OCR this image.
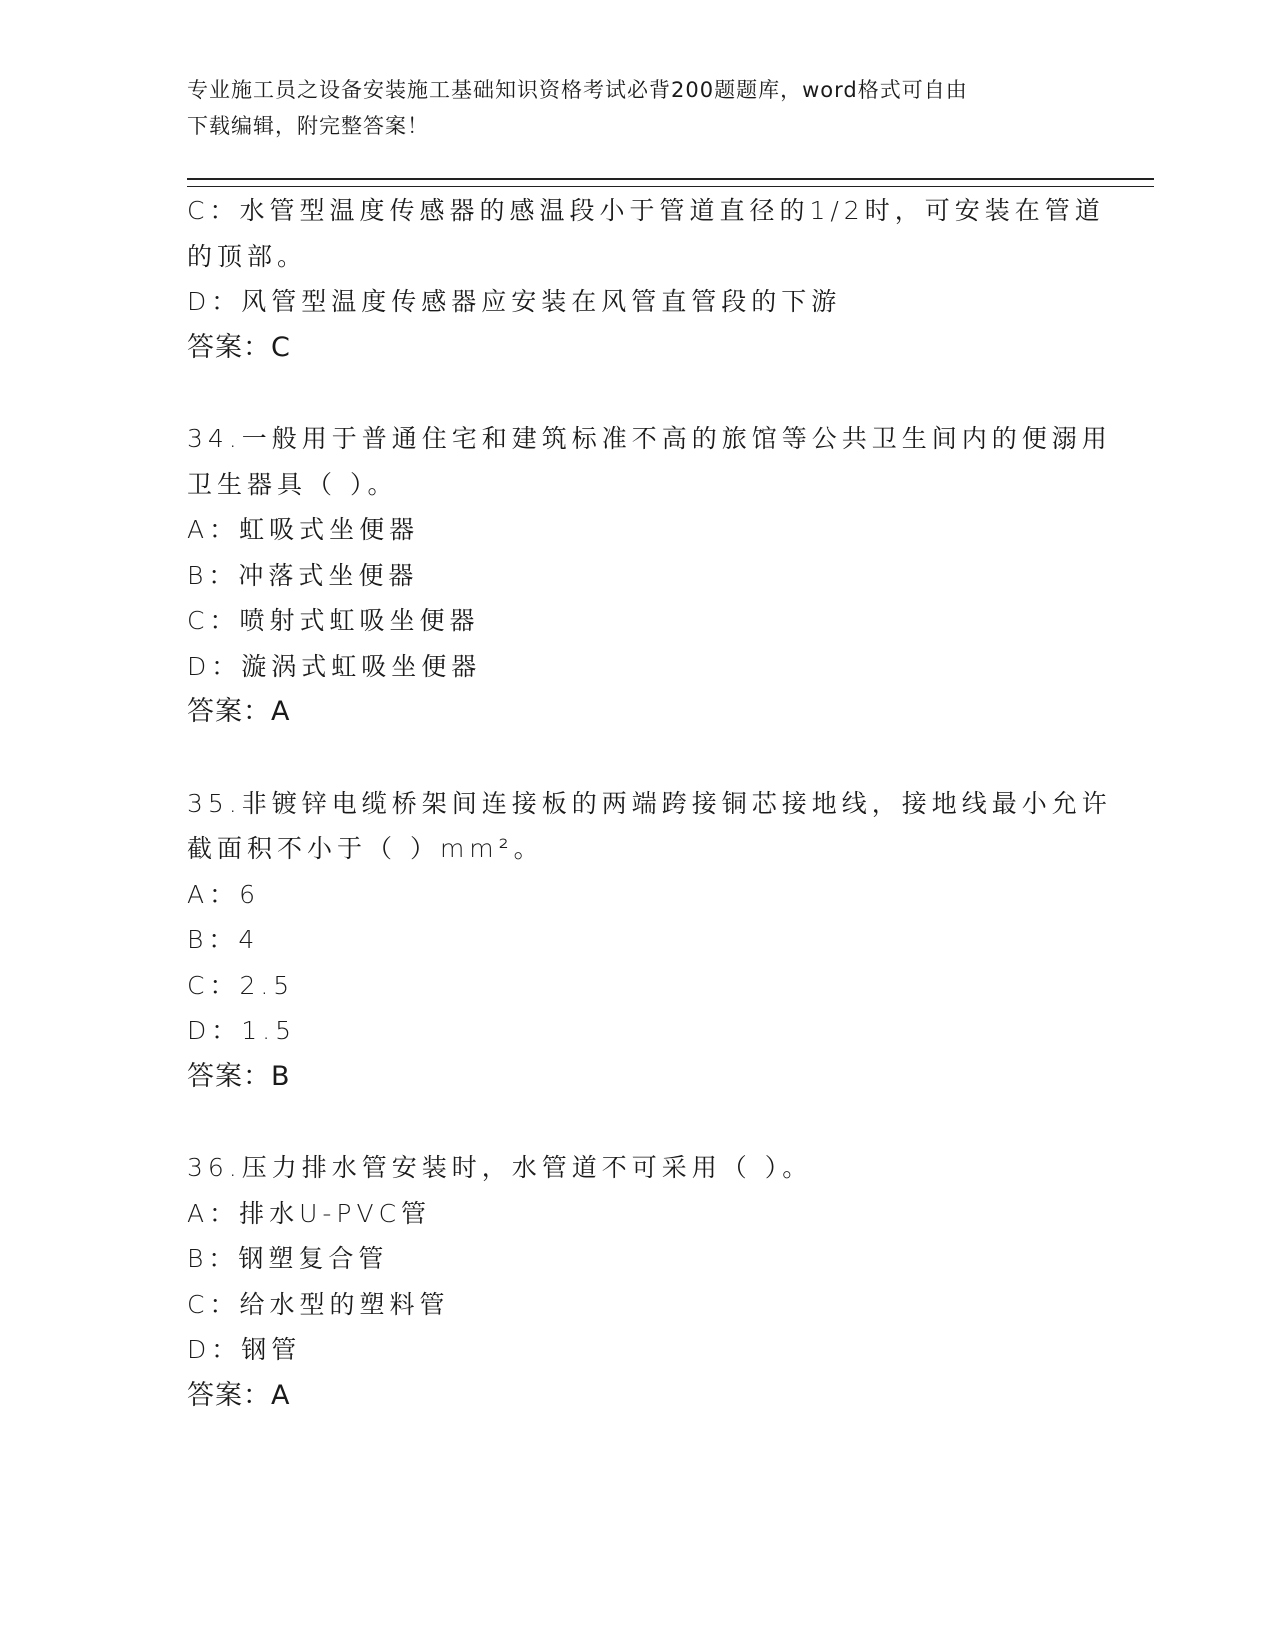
专业施工员之设备安装施工基础知识资格考试必背200题题库，word格式可自由
下载编辑，附完整答案！
C：水管型温度传感器的感温段小于管道直径的1/2时，可安装在管道
的顶部。
D：风管型温度传感器应安装在风管直管段的下游
答案：C
34.一般用于普通住宅和建筑标准不高的旅馆等公共卫生间内的便溺用
卫生器具（ ）。
A：虹吸式坐便器
B：冲落式坐便器
C：喷射式虹吸坐便器
D：漩涡式虹吸坐便器
答案：A
35.非镀锌电缆桥架间连接板的两端跨接铜芯接地线，接地线最小允许
截面积不小于（ ）mm²。
A：6
B：4
C：2.5
D：1.5
答案：B
36.压力排水管安装时，水管道不可采用（ ）。
A：排水U-PVC管
B：钢塑复合管
C：给水型的塑料管
D：钢管
答案：A
